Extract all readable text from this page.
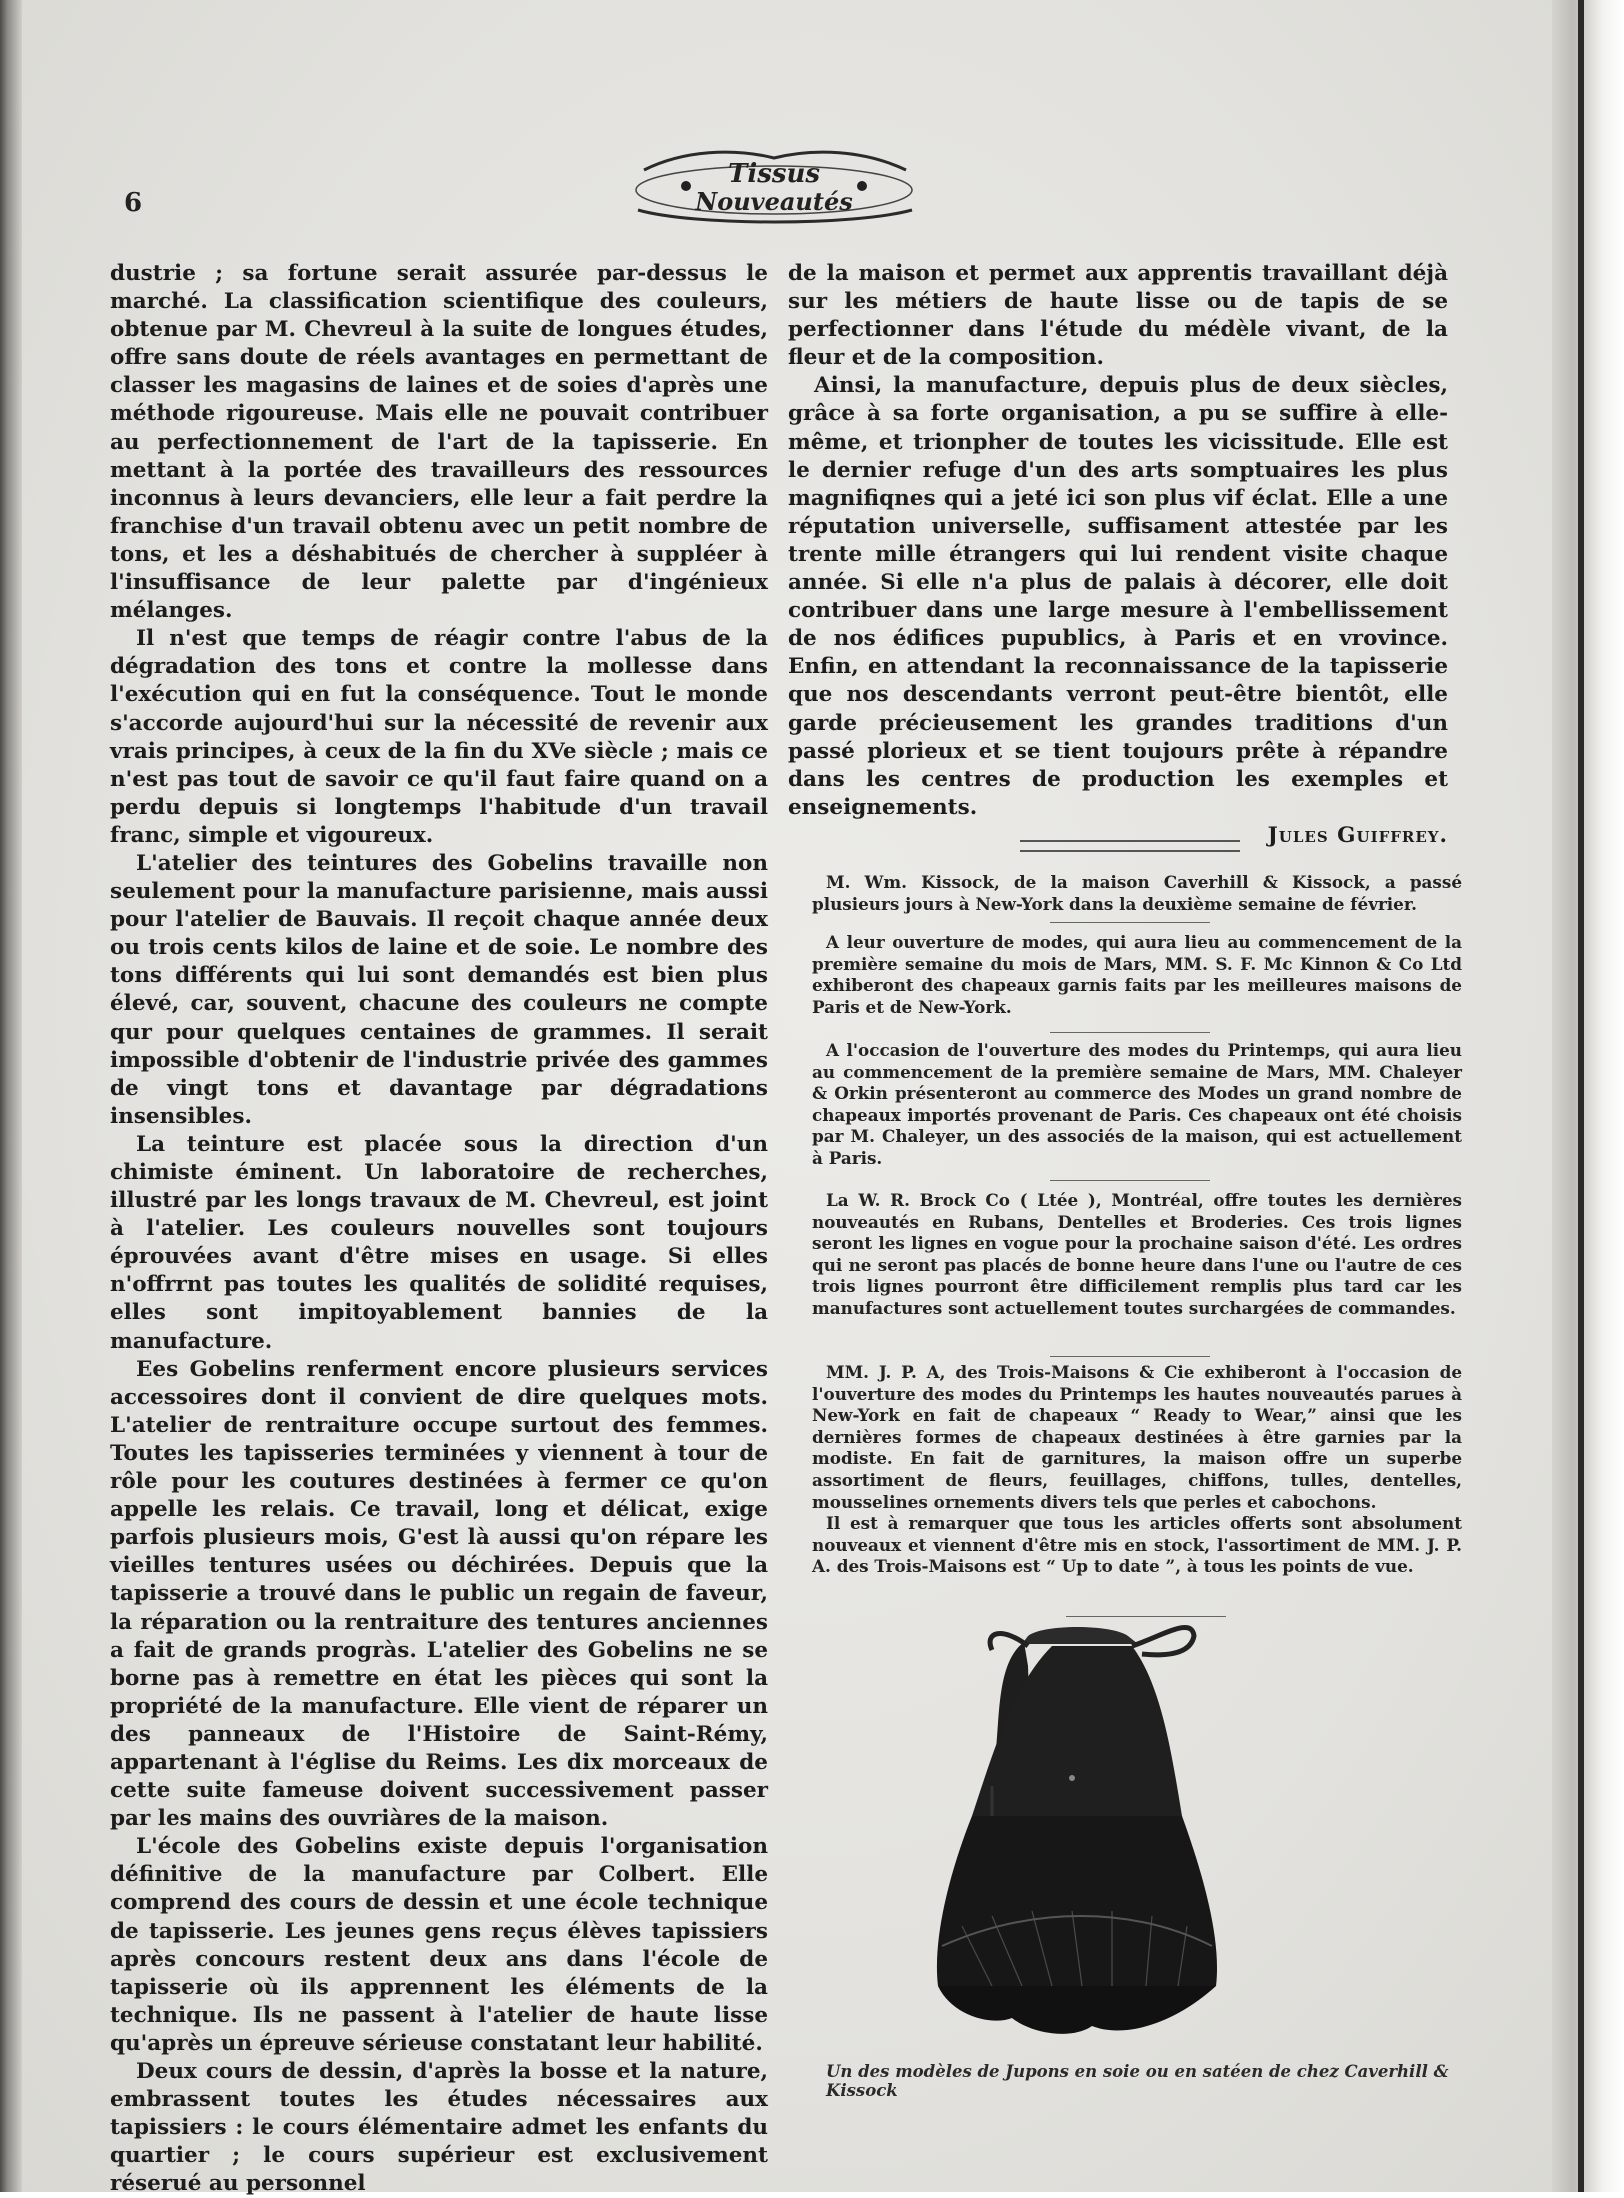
6
Tissus
Nouveautés

dustrie ; sa fortune serait assurée par-dessus le marché. La classification scientifique des couleurs, obtenue par M. Chevreul à la suite de longues études, offre sans doute de réels avantages en permettant de classer les magasins de laines et de soies d'après une méthode rigoureuse. Mais elle ne pouvait contribuer au perfectionnement de l'art de la tapisserie. En mettant à la portée des travailleurs des ressources inconnus à leurs devanciers, elle leur a fait perdre la franchise d'un travail obtenu avec un petit nombre de tons, et les a déshabitués de chercher à suppléer à l'insuffisance de leur palette par d'ingénieux mélanges.

Il n'est que temps de réagir contre l'abus de la dégradation des tons et contre la mollesse dans l'exécution qui en fut la conséquence. Tout le monde s'accorde aujourd'hui sur la nécessité de revenir aux vrais principes, à ceux de la fin du XVe siècle ; mais ce n'est pas tout de savoir ce qu'il faut faire quand on a perdu depuis si longtemps l'habitude d'un travail franc, simple et vigoureux.

L'atelier des teintures des Gobelins travaille non seulement pour la manufacture parisienne, mais aussi pour l'atelier de Bauvais. Il reçoit chaque année deux ou trois cents kilos de laine et de soie. Le nombre des tons différents qui lui sont demandés est bien plus élevé, car, souvent, chacune des couleurs ne compte qur pour quelques centaines de grammes. Il serait impossible d'obtenir de l'industrie privée des gammes de vingt tons et davantage par dégradations insensibles.

La teinture est placée sous la direction d'un chimiste éminent. Un laboratoire de recherches, illustré par les longs travaux de M. Chevreul, est joint à l'atelier. Les couleurs nouvelles sont toujours éprouvées avant d'être mises en usage. Si elles n'offrrnt pas toutes les qualités de solidité requises, elles sont impitoyablement bannies de la manufacture.

Ees Gobelins renferment encore plusieurs services accessoires dont il convient de dire quelques mots. L'atelier de rentraiture occupe surtout des femmes. Toutes les tapisseries terminées y viennent à tour de rôle pour les coutures destinées à fermer ce qu'on appelle les relais. Ce travail, long et délicat, exige parfois plusieurs mois, G'est là aussi qu'on répare les vieilles tentures usées ou déchirées. Depuis que la tapisserie a trouvé dans le public un regain de faveur, la réparation ou la rentraiture des tentures anciennes a fait de grands progràs. L'atelier des Gobelins ne se borne pas à remettre en état les pièces qui sont la propriété de la manufacture. Elle vient de réparer un des panneaux de l'Histoire de Saint-Rémy, appartenant à l'église du Reims. Les dix morceaux de cette suite fameuse doivent successivement passer par les mains des ouvriàres de la maison.

L'école des Gobelins existe depuis l'organisation définitive de la manufacture par Colbert. Elle comprend des cours de dessin et une école technique de tapisserie. Les jeunes gens reçus élèves tapissiers après concours restent deux ans dans l'école de tapisserie où ils apprennent les éléments de la technique. Ils ne passent à l'atelier de haute lisse qu'après un épreuve sérieuse constatant leur habilité.

Deux cours de dessin, d'après la bosse et la nature, embrassent toutes les études nécessaires aux tapissiers : le cours élémentaire admet les enfants du quartier ; le cours supérieur est exclusivement réserué au personnel

de la maison et permet aux apprentis travaillant déjà sur les métiers de haute lisse ou de tapis de se perfectionner dans l'étude du médèle vivant, de la fleur et de la composition.

Ainsi, la manufacture, depuis plus de deux siècles, grâce à sa forte organisation, a pu se suffire à elle-même, et trionpher de toutes les vicissitude. Elle est le dernier refuge d'un des arts somptuaires les plus magnifiqnes qui a jeté ici son plus vif éclat. Elle a une réputation universelle, suffisament attestée par les trente mille étrangers qui lui rendent visite chaque année. Si elle n'a plus de palais à décorer, elle doit contribuer dans une large mesure à l'embellissement de nos édifices pupublics, à Paris et en vrovince. Enfin, en attendant la reconnaissance de la tapisserie que nos descendants verront peut-être bientôt, elle garde précieusement les grandes traditions d'un passé plorieux et se tient toujours prête à répandre dans les centres de production les exemples et enseignements.

Jules Guiffrey.

M. Wm. Kissock, de la maison Caverhill & Kissock, a passé plusieurs jours à New-York dans la deuxième semaine de février.

A leur ouverture de modes, qui aura lieu au commencement de la première semaine du mois de Mars, MM. S. F. Mc Kinnon & Co Ltd exhiberont des chapeaux garnis faits par les meilleures maisons de Paris et de New-York.

A l'occasion de l'ouverture des modes du Printemps, qui aura lieu au commencement de la première semaine de Mars, MM. Chaleyer & Orkin présenteront au commerce des Modes un grand nombre de chapeaux importés provenant de Paris. Ces chapeaux ont été choisis par M. Chaleyer, un des associés de la maison, qui est actuellement à Paris.

La W. R. Brock Co ( Ltée ), Montréal, offre toutes les dernières nouveautés en Rubans, Dentelles et Broderies. Ces trois lignes seront les lignes en vogue pour la prochaine saison d'été. Les ordres qui ne seront pas placés de bonne heure dans l'une ou l'autre de ces trois lignes pourront être difficilement remplis plus tard car les manufactures sont actuellement toutes surchargées de commandes.

MM. J. P. A, des Trois-Maisons & Cie exhiberont à l'occasion de l'ouverture des modes du Printemps les hautes nouveautés parues à New-York en fait de chapeaux “ Ready to Wear,” ainsi que les dernières formes de chapeaux destinées à être garnies par la modiste. En fait de garnitures, la maison offre un superbe assortiment de fleurs, feuillages, chiffons, tulles, dentelles, mousselines ornements divers tels que perles et cabochons.

Il est à remarquer que tous les articles offerts sont absolument nouveaux et viennent d'être mis en stock, l'assortiment de MM. J. P. A. des Trois-Maisons est “ Up to date ”, à tous les points de vue.

Un des modèles de Jupons en soie ou en satéen de chez Caverhill & Kissock
